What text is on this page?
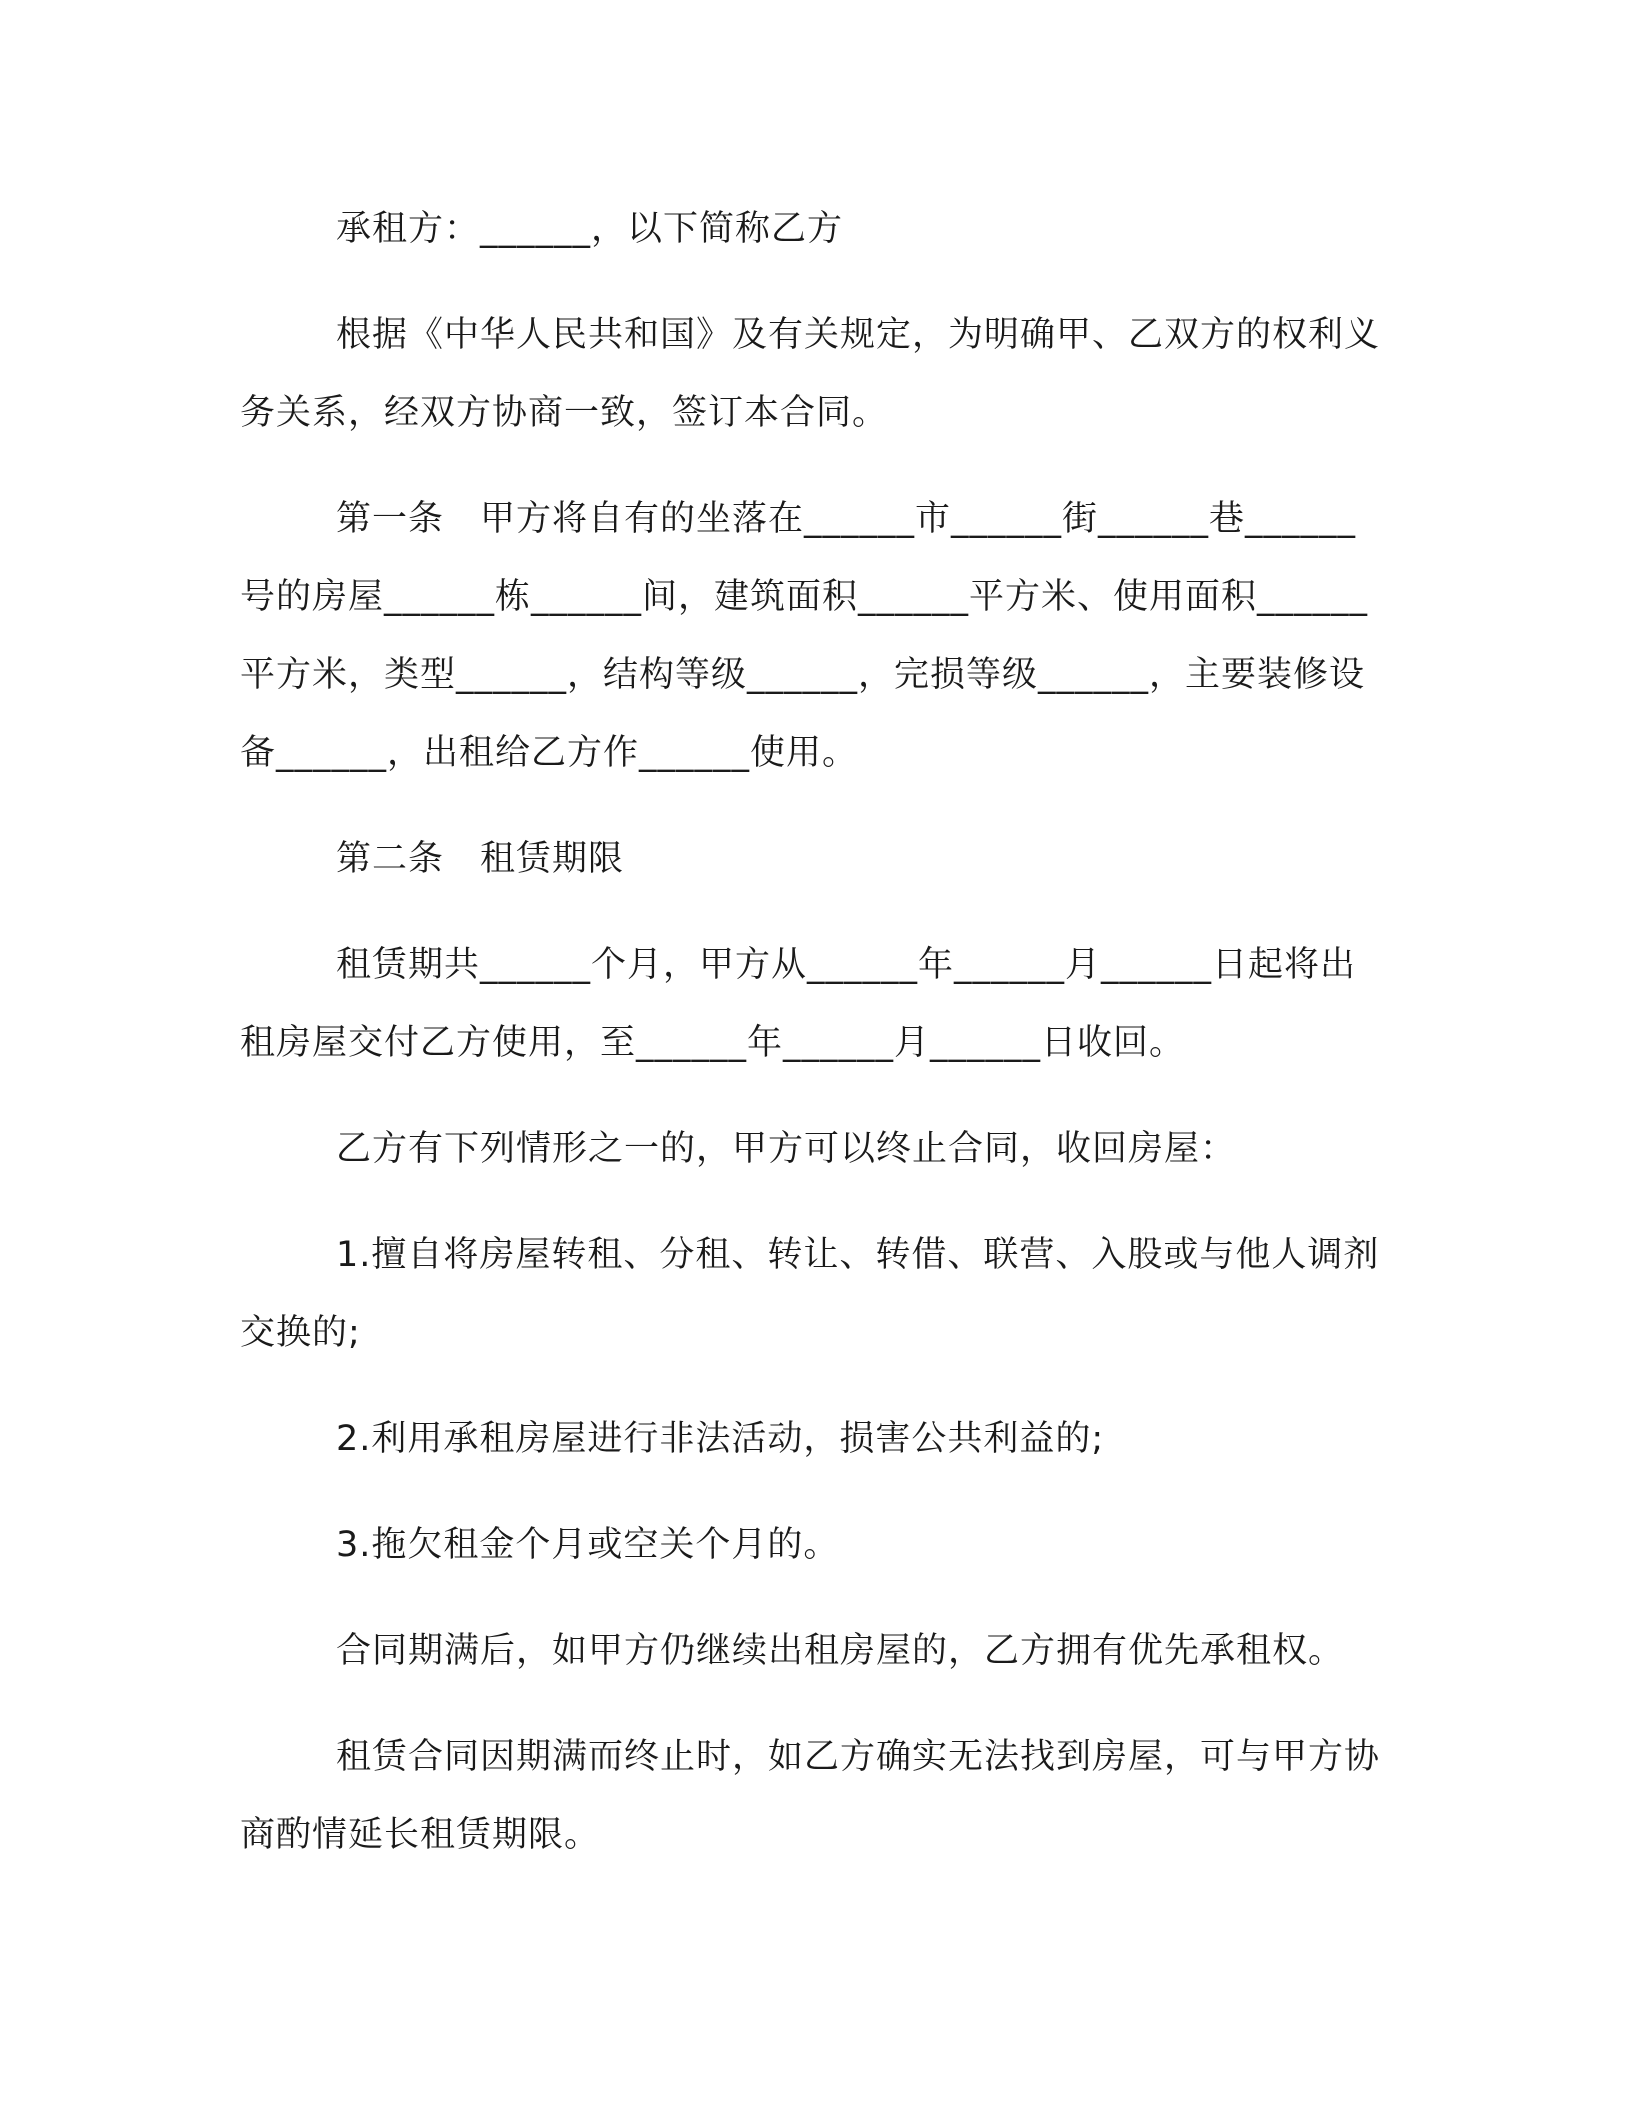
承租方：______，以下简称乙方

根据《中华人民共和国》及有关规定，为明确甲、乙双方的权利义务关系，经双方协商一致，签订本合同。

第一条　甲方将自有的坐落在______市______街______巷______号的房屋______栋______间，建筑面积______平方米、使用面积______平方米，类型______，结构等级______，完损等级______，主要装修设备______，出租给乙方作______使用。

第二条　租赁期限

租赁期共______个月，甲方从______年______月______日起将出租房屋交付乙方使用，至______年______月______日收回。

乙方有下列情形之一的，甲方可以终止合同，收回房屋：

1.擅自将房屋转租、分租、转让、转借、联营、入股或与他人调剂交换的;

2.利用承租房屋进行非法活动，损害公共利益的;

3.拖欠租金个月或空关个月的。

合同期满后，如甲方仍继续出租房屋的，乙方拥有优先承租权。

租赁合同因期满而终止时，如乙方确实无法找到房屋，可与甲方协商酌情延长租赁期限。
